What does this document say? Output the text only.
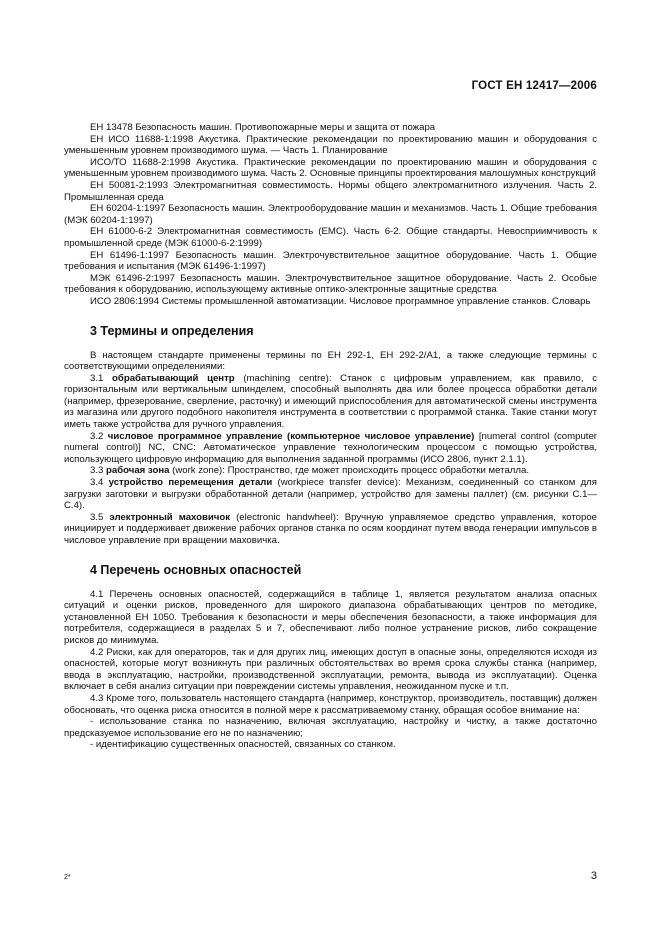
ГОСТ ЕН 12417—2006

ЕН 13478 Безопасность машин. Противопожарные меры и защита от пожара

ЕН ИСО 11688-1:1998 Акустика. Практические рекомендации по проектированию машин и оборудования с уменьшенным уровнем производимого шума. — Часть 1. Планирование

ИСО/ТО 11688-2:1998 Акустика. Практические рекомендации по проектированию машин и оборудования с уменьшенным уровнем производимого шума. Часть 2. Основные принципы проектирования малошумных конструкций

ЕН 50081-2:1993 Электромагнитная совместимость. Нормы общего электромагнитного излучения. Часть 2. Промышленная среда

ЕН 60204-1:1997 Безопасность машин. Электрооборудование машин и механизмов. Часть 1. Общие требования (МЭК 60204-1:1997)

ЕН 61000-6-2 Электромагнитная совместимость (ЕМС). Часть 6-2. Общие стандарты. Невосприимчивость к промышленной среде (МЭК 61000-6-2:1999)

ЕН 61496-1:1997 Безопасность машин. Электрочувствительное защитное оборудование. Часть 1. Общие требования и испытания (МЭК 61496-1:1997)

МЭК 61496-2:1997 Безопасность машин. Электрочувствительное защитное оборудование. Часть 2. Особые требования к оборудованию, использующему активные оптико-электронные защитные средства

ИСО 2806:1994 Системы промышленной автоматизации. Числовое программное управление станков. Словарь

3 Термины и определения

В настоящем стандарте применены термины по ЕН 292-1, ЕН 292-2/А1, а также следующие термины с соответствующими определениями:

3.1 обрабатывающий центр (machining centre): Станок с цифровым управлением, как правило, с горизонтальным или вертикальным шпинделем, способный выполнять два или более процесса обработки детали (например, фрезерование, сверление, расточку) и имеющий приспособления для автоматической смены инструмента из магазина или другого подобного накопителя инструмента в соответствии с программой станка. Такие станки могут иметь также устройства для ручного управления.

3.2 числовое программное управление (компьютерное числовое управление) [numeral control (computer numeral control)] NC, CNC: Автоматическое управление технологическим процессом с помощью устройства, использующего цифровую информацию для выполнения заданной программы (ИСО 2806, пункт 2.1.1).

3.3 рабочая зона (work zone): Пространство, где может происходить процесс обработки металла.

3.4 устройство перемещения детали (workpiece transfer device): Механизм, соединенный со станком для загрузки заготовки и выгрузки обработанной детали (например, устройство для замены паллет) (см. рисунки С.1—С.4).

3.5 электронный маховичок (electronic handwheel): Вручную управляемое средство управления, которое инициирует и поддерживает движение рабочих органов станка по осям координат путем ввода генерации импульсов в числовое управление при вращении маховичка.

4 Перечень основных опасностей

4.1 Перечень основных опасностей, содержащийся в таблице 1, является результатом анализа опасных ситуаций и оценки рисков, проведенного для широкого диапазона обрабатывающих центров по методике, установленной ЕН 1050. Требования к безопасности и меры обеспечения безопасности, а также информация для потребителя, содержащиеся в разделах 5 и 7, обеспечивают либо полное устранение рисков, либо сокращение рисков до минимума.

4.2 Риски, как для операторов, так и для других лиц, имеющих доступ в опасные зоны, определяются исходя из опасностей, которые могут возникнуть при различных обстоятельствах во время срока службы станка (например, ввода в эксплуатацию, настройки, производственной эксплуатации, ремонта, вывода из эксплуатации). Оценка включает в себя анализ ситуации при повреждении системы управления, неожиданном пуске и т.п.

4.3 Кроме того, пользователь настоящего стандарта (например, конструктор, производитель, поставщик) должен обосновать, что оценка риска относится в полной мере к рассматриваемому станку, обращая особое внимание на:

- использование станка по назначению, включая эксплуатацию, настройку и чистку, а также достаточно предсказуемое использование его не по назначению;

- идентификацию существенных опасностей, связанных со станком.

2*	3
